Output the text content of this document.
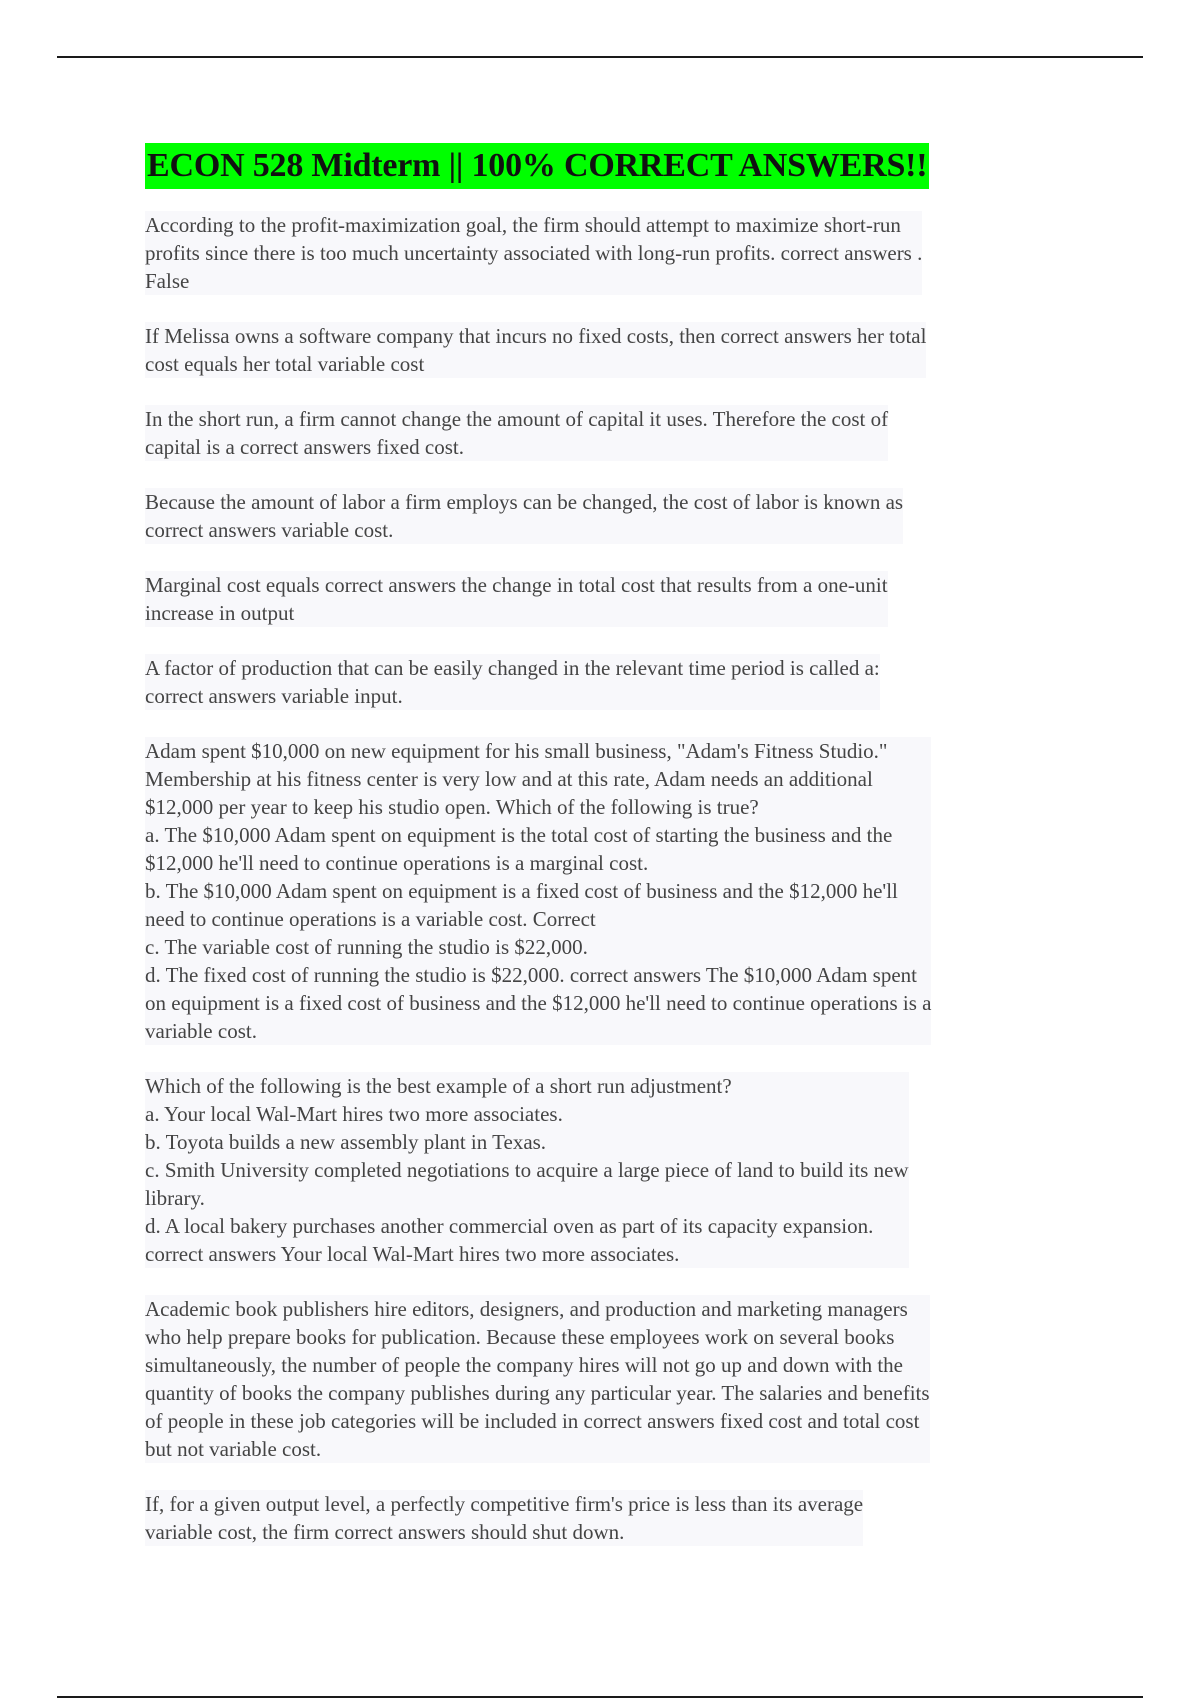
ECON 528 Midterm || 100% CORRECT ANSWERS!!
According to the profit-maximization goal, the firm should attempt to maximize short-run
profits since there is too much uncertainty associated with long-run profits. correct answers .
False
If Melissa owns a software company that incurs no fixed costs, then correct answers her total
cost equals her total variable cost
In the short run, a firm cannot change the amount of capital it uses. Therefore the cost of
capital is a correct answers fixed cost.
Because the amount of labor a firm employs can be changed, the cost of labor is known as
correct answers variable cost.
Marginal cost equals correct answers the change in total cost that results from a one-unit
increase in output
A factor of production that can be easily changed in the relevant time period is called a:
correct answers variable input.
Adam spent $10,000 on new equipment for his small business, "Adam's Fitness Studio."
Membership at his fitness center is very low and at this rate, Adam needs an additional
$12,000 per year to keep his studio open. Which of the following is true?
a. The $10,000 Adam spent on equipment is the total cost of starting the business and the
$12,000 he'll need to continue operations is a marginal cost.
b. The $10,000 Adam spent on equipment is a fixed cost of business and the $12,000 he'll
need to continue operations is a variable cost. Correct
c. The variable cost of running the studio is $22,000.
d. The fixed cost of running the studio is $22,000. correct answers The $10,000 Adam spent
on equipment is a fixed cost of business and the $12,000 he'll need to continue operations is a
variable cost.
Which of the following is the best example of a short run adjustment?
a. Your local Wal-Mart hires two more associates.
b. Toyota builds a new assembly plant in Texas.
c. Smith University completed negotiations to acquire a large piece of land to build its new
library.
d. A local bakery purchases another commercial oven as part of its capacity expansion.
correct answers Your local Wal-Mart hires two more associates.
Academic book publishers hire editors, designers, and production and marketing managers
who help prepare books for publication. Because these employees work on several books
simultaneously, the number of people the company hires will not go up and down with the
quantity of books the company publishes during any particular year. The salaries and benefits
of people in these job categories will be included in correct answers fixed cost and total cost
but not variable cost.
If, for a given output level, a perfectly competitive firm's price is less than its average
variable cost, the firm correct answers should shut down.
